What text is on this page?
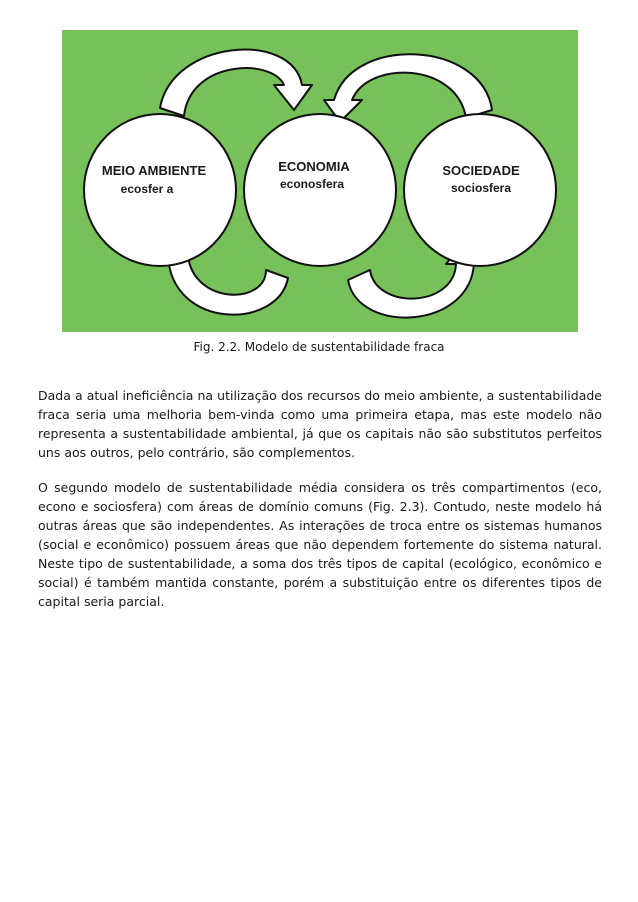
MEIO AMBIENTE
ecosfer a
ECONOMIA
econosfera
SOCIEDADE
sociosfera
Fig. 2.2. Modelo de sustentabilidade fraca

Dada a atual ineficiência na utilização dos recursos do meio ambiente, a sustentabilidade fraca seria uma melhoria bem-vinda como uma primeira etapa, mas este modelo não representa a sustentabilidade ambiental, já que os capitais não são substitutos perfeitos uns aos outros, pelo contrário, são complementos.

O segundo modelo de sustentabilidade média considera os três compartimentos (eco, econo e sociosfera) com áreas de domínio comuns (Fig. 2.3). Contudo, neste modelo há outras áreas que são independentes. As interações de troca entre os sistemas humanos (social e econômico) possuem áreas que não dependem fortemente do sistema natural. Neste tipo de sustentabilidade, a soma dos três tipos de capital (ecológico, econômico e social) é também mantida constante, porém a substituição entre os diferentes tipos de capital seria parcial.
